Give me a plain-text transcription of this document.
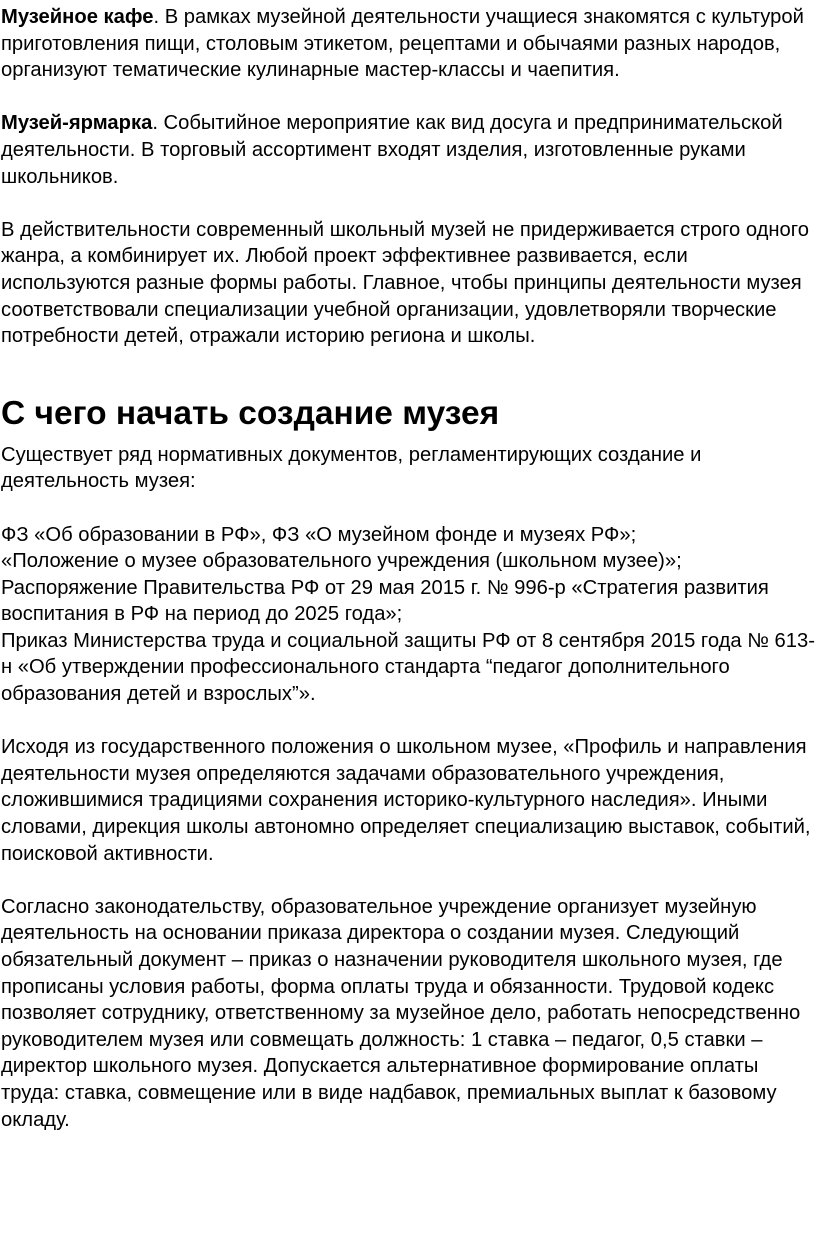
Музейное кафе. В рамках музейной деятельности учащиеся знакомятся с культурой приготовления пищи, столовым этикетом, рецептами и обычаями разных народов, организуют тематические кулинарные мастер-классы и чаепития.

Музей-ярмарка. Событийное мероприятие как вид досуга и предпринимательской деятельности. В торговый ассортимент входят изделия, изготовленные руками школьников.

В действительности современный школьный музей не придерживается строго одного жанра, а комбинирует их. Любой проект эффективнее развивается, если используются разные формы работы. Главное, чтобы принципы деятельности музея соответствовали специализации учебной организации, удовлетворяли творческие потребности детей, отражали историю региона и школы.

С чего начать создание музея

Существует ряд нормативных документов, регламентирующих создание и деятельность музея:

ФЗ «Об образовании в РФ», ФЗ «О музейном фонде и музеях РФ»;
«Положение о музее образовательного учреждения (школьном музее)»;
Распоряжение Правительства РФ от 29 мая 2015 г. № 996-р «Стратегия развития воспитания в РФ на период до 2025 года»;
Приказ Министерства труда и социальной защиты РФ от 8 сентября 2015 года № 613-н «Об утверждении профессионального стандарта “педагог дополнительного образования детей и взрослых”».

Исходя из государственного положения о школьном музее, «Профиль и направления деятельности музея определяются задачами образовательного учреждения, сложившимися традициями сохранения историко-культурного наследия». Иными словами, дирекция школы автономно определяет специализацию выставок, событий, поисковой активности.

Согласно законодательству, образовательное учреждение организует музейную деятельность на основании приказа директора о создании музея. Следующий обязательный документ – приказ о назначении руководителя школьного музея, где прописаны условия работы, форма оплаты труда и обязанности. Трудовой кодекс позволяет сотруднику, ответственному за музейное дело, работать непосредственно руководителем музея или совмещать должность: 1 ставка – педагог, 0,5 ставки – директор школьного музея. Допускается альтернативное формирование оплаты труда: ставка, совмещение или в виде надбавок, премиальных выплат к базовому окладу.
